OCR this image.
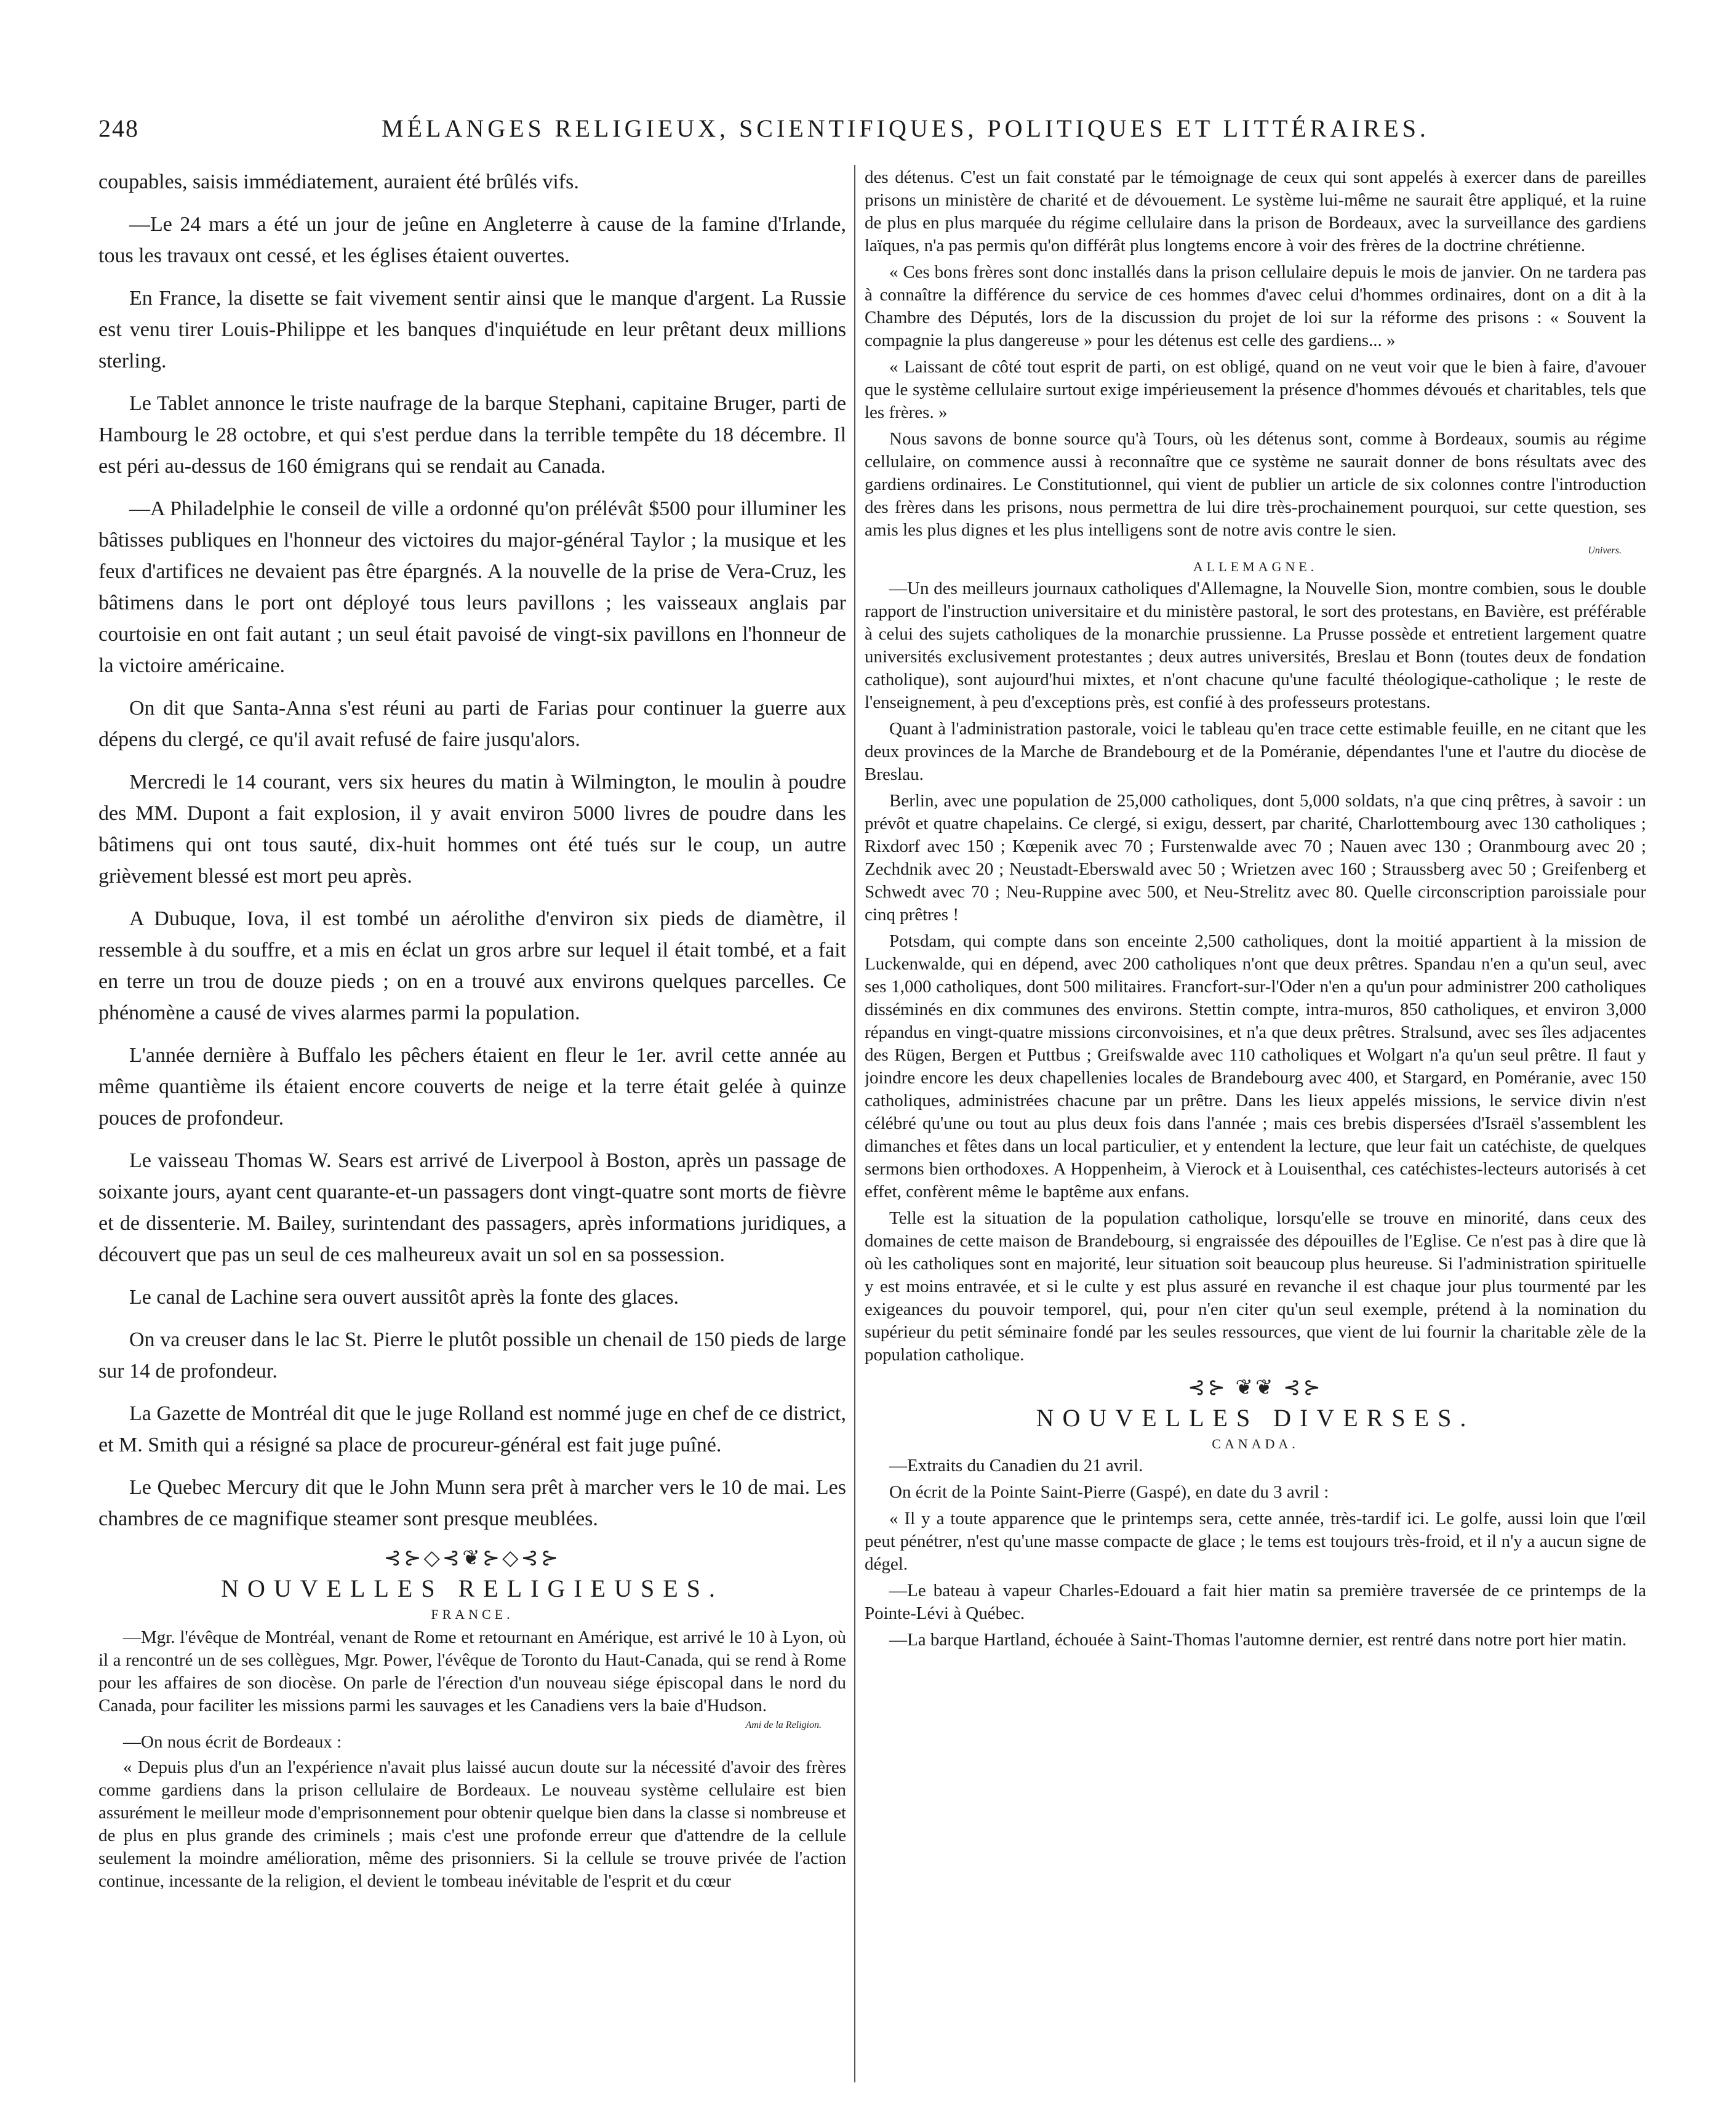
248	MÉLANGES RELIGIEUX, SCIENTIFIQUES, POLITIQUES ET LITTÉRAIRES.

coupables, saisis immédiatement, auraient été brûlés vifs.

—Le 24 mars a été un jour de jeûne en Angleterre à cause de la famine d'Irlande, tous les travaux ont cessé, et les églises étaient ouvertes.

En France, la disette se fait vivement sentir ainsi que le manque d'argent. La Russie est venu tirer Louis-Philippe et les banques d'inquiétude en leur prêtant deux millions sterling.

Le Tablet annonce le triste naufrage de la barque Stephani, capitaine Bruger, parti de Hambourg le 28 octobre, et qui s'est perdue dans la terrible tempête du 18 décembre. Il est péri au-dessus de 160 émigrans qui se rendait au Canada.

—A Philadelphie le conseil de ville a ordonné qu'on prélévât $500 pour illuminer les bâtisses publiques en l'honneur des victoires du major-général Taylor ; la musique et les feux d'artifices ne devaient pas être épargnés. A la nouvelle de la prise de Vera-Cruz, les bâtimens dans le port ont déployé tous leurs pavillons ; les vaisseaux anglais par courtoisie en ont fait autant ; un seul était pavoisé de vingt-six pavillons en l'honneur de la victoire américaine.

On dit que Santa-Anna s'est réuni au parti de Farias pour continuer la guerre aux dépens du clergé, ce qu'il avait refusé de faire jusqu'alors.

Mercredi le 14 courant, vers six heures du matin à Wilmington, le moulin à poudre des MM. Dupont a fait explosion, il y avait environ 5000 livres de poudre dans les bâtimens qui ont tous sauté, dix-huit hommes ont été tués sur le coup, un autre grièvement blessé est mort peu après.

A Dubuque, Iova, il est tombé un aérolithe d'environ six pieds de diamètre, il ressemble à du souffre, et a mis en éclat un gros arbre sur lequel il était tombé, et a fait en terre un trou de douze pieds ; on en a trouvé aux environs quelques parcelles. Ce phénomène a causé de vives alarmes parmi la population.

L'année dernière à Buffalo les pêchers étaient en fleur le 1er. avril cette année au même quantième ils étaient encore couverts de neige et la terre était gelée à quinze pouces de profondeur.

Le vaisseau Thomas W. Sears est arrivé de Liverpool à Boston, après un passage de soixante jours, ayant cent quarante-et-un passagers dont vingt-quatre sont morts de fièvre et de dissenterie. M. Bailey, surintendant des passagers, après informations juridiques, a découvert que pas un seul de ces malheureux avait un sol en sa possession.

Le canal de Lachine sera ouvert aussitôt après la fonte des glaces.

On va creuser dans le lac St. Pierre le plutôt possible un chenail de 150 pieds de large sur 14 de profondeur.

La Gazette de Montréal dit que le juge Rolland est nommé juge en chef de ce district, et M. Smith qui a résigné sa place de procureur-général est fait juge puîné.

Le Quebec Mercury dit que le John Munn sera prêt à marcher vers le 10 de mai. Les chambres de ce magnifique steamer sont presque meublées.

⊰⊱◇⊰❦⊱◇⊰⊱
NOUVELLES RELIGIEUSES.
FRANCE.

—Mgr. l'évêque de Montréal, venant de Rome et retournant en Amérique, est arrivé le 10 à Lyon, où il a rencontré un de ses collègues, Mgr. Power, l'évêque de Toronto du Haut-Canada, qui se rend à Rome pour les affaires de son diocèse. On parle de l'érection d'un nouveau siége épiscopal dans le nord du Canada, pour faciliter les missions parmi les sauvages et les Canadiens vers la baie d'Hudson.

Ami de la Religion.

—On nous écrit de Bordeaux :

« Depuis plus d'un an l'expérience n'avait plus laissé aucun doute sur la nécessité d'avoir des frères comme gardiens dans la prison cellulaire de Bordeaux. Le nouveau système cellulaire est bien assurément le meilleur mode d'emprisonnement pour obtenir quelque bien dans la classe si nombreuse et de plus en plus grande des criminels ; mais c'est une profonde erreur que d'attendre de la cellule seulement la moindre amélioration, même des prisonniers. Si la cellule se trouve privée de l'action continue, incessante de la religion, el devient le tombeau inévitable de l'esprit et du cœur

des détenus. C'est un fait constaté par le témoignage de ceux qui sont appelés à exercer dans de pareilles prisons un ministère de charité et de dévouement. Le système lui-même ne saurait être appliqué, et la ruine de plus en plus marquée du régime cellulaire dans la prison de Bordeaux, avec la surveillance des gardiens laïques, n'a pas permis qu'on différât plus longtems encore à voir des frères de la doctrine chrétienne.

« Ces bons frères sont donc installés dans la prison cellulaire depuis le mois de janvier. On ne tardera pas à connaître la différence du service de ces hommes d'avec celui d'hommes ordinaires, dont on a dit à la Chambre des Députés, lors de la discussion du projet de loi sur la réforme des prisons : « Souvent la compagnie la plus dangereuse » pour les détenus est celle des gardiens... »

« Laissant de côté tout esprit de parti, on est obligé, quand on ne veut voir que le bien à faire, d'avouer que le système cellulaire surtout exige impérieusement la présence d'hommes dévoués et charitables, tels que les frères. »

Nous savons de bonne source qu'à Tours, où les détenus sont, comme à Bordeaux, soumis au régime cellulaire, on commence aussi à reconnaître que ce système ne saurait donner de bons résultats avec des gardiens ordinaires. Le Constitutionnel, qui vient de publier un article de six colonnes contre l'introduction des frères dans les prisons, nous permettra de lui dire très-prochainement pourquoi, sur cette question, ses amis les plus dignes et les plus intelligens sont de notre avis contre le sien.

Univers.
ALLEMAGNE.

—Un des meilleurs journaux catholiques d'Allemagne, la Nouvelle Sion, montre combien, sous le double rapport de l'instruction universitaire et du ministère pastoral, le sort des protestans, en Bavière, est préférable à celui des sujets catholiques de la monarchie prussienne. La Prusse possède et entretient largement quatre universités exclusivement protestantes ; deux autres universités, Breslau et Bonn (toutes deux de fondation catholique), sont aujourd'hui mixtes, et n'ont chacune qu'une faculté théologique-catholique ; le reste de l'enseignement, à peu d'exceptions près, est confié à des professeurs protestans.

Quant à l'administration pastorale, voici le tableau qu'en trace cette estimable feuille, en ne citant que les deux provinces de la Marche de Brandebourg et de la Poméranie, dépendantes l'une et l'autre du diocèse de Breslau.

Berlin, avec une population de 25,000 catholiques, dont 5,000 soldats, n'a que cinq prêtres, à savoir : un prévôt et quatre chapelains. Ce clergé, si exigu, dessert, par charité, Charlottembourg avec 130 catholiques ; Rixdorf avec 150 ; Kœpenik avec 70 ; Furstenwalde avec 70 ; Nauen avec 130 ; Oranmbourg avec 20 ; Zechdnik avec 20 ; Neustadt-Eberswald avec 50 ; Wrietzen avec 160 ; Straussberg avec 50 ; Greifenberg et Schwedt avec 70 ; Neu-Ruppine avec 500, et Neu-Strelitz avec 80. Quelle circonscription paroissiale pour cinq prêtres !

Potsdam, qui compte dans son enceinte 2,500 catholiques, dont la moitié appartient à la mission de Luckenwalde, qui en dépend, avec 200 catholiques n'ont que deux prêtres. Spandau n'en a qu'un seul, avec ses 1,000 catholiques, dont 500 militaires. Francfort-sur-l'Oder n'en a qu'un pour administrer 200 catholiques disséminés en dix communes des environs. Stettin compte, intra-muros, 850 catholiques, et environ 3,000 répandus en vingt-quatre missions circonvoisines, et n'a que deux prêtres. Stralsund, avec ses îles adjacentes des Rügen, Bergen et Puttbus ; Greifswalde avec 110 catholiques et Wolgart n'a qu'un seul prêtre. Il faut y joindre encore les deux chapellenies locales de Brandebourg avec 400, et Stargard, en Poméranie, avec 150 catholiques, administrées chacune par un prêtre. Dans les lieux appelés missions, le service divin n'est célébré qu'une ou tout au plus deux fois dans l'année ; mais ces brebis dispersées d'Israël s'assemblent les dimanches et fêtes dans un local particulier, et y entendent la lecture, que leur fait un catéchiste, de quelques sermons bien orthodoxes. A Hoppenheim, à Vierock et à Louisenthal, ces catéchistes-lecteurs autorisés à cet effet, confèrent même le baptême aux enfans.

Telle est la situation de la population catholique, lorsqu'elle se trouve en minorité, dans ceux des domaines de cette maison de Brandebourg, si engraissée des dépouilles de l'Eglise. Ce n'est pas à dire que là où les catholiques sont en majorité, leur situation soit beaucoup plus heureuse. Si l'administration spirituelle y est moins entravée, et si le culte y est plus assuré en revanche il est chaque jour plus tourmenté par les exigeances du pouvoir temporel, qui, pour n'en citer qu'un seul exemple, prétend à la nomination du supérieur du petit séminaire fondé par les seules ressources, que vient de lui fournir la charitable zèle de la population catholique.

⊰⊱ ❦❦ ⊰⊱
NOUVELLES DIVERSES.
CANADA.

—Extraits du Canadien du 21 avril.

On écrit de la Pointe Saint-Pierre (Gaspé), en date du 3 avril :

« Il y a toute apparence que le printemps sera, cette année, très-tardif ici. Le golfe, aussi loin que l'œil peut pénétrer, n'est qu'une masse compacte de glace ; le tems est toujours très-froid, et il n'y a aucun signe de dégel.

—Le bateau à vapeur Charles-Edouard a fait hier matin sa première traversée de ce printemps de la Pointe-Lévi à Québec.

—La barque Hartland, échouée à Saint-Thomas l'automne dernier, est rentré dans notre port hier matin.
